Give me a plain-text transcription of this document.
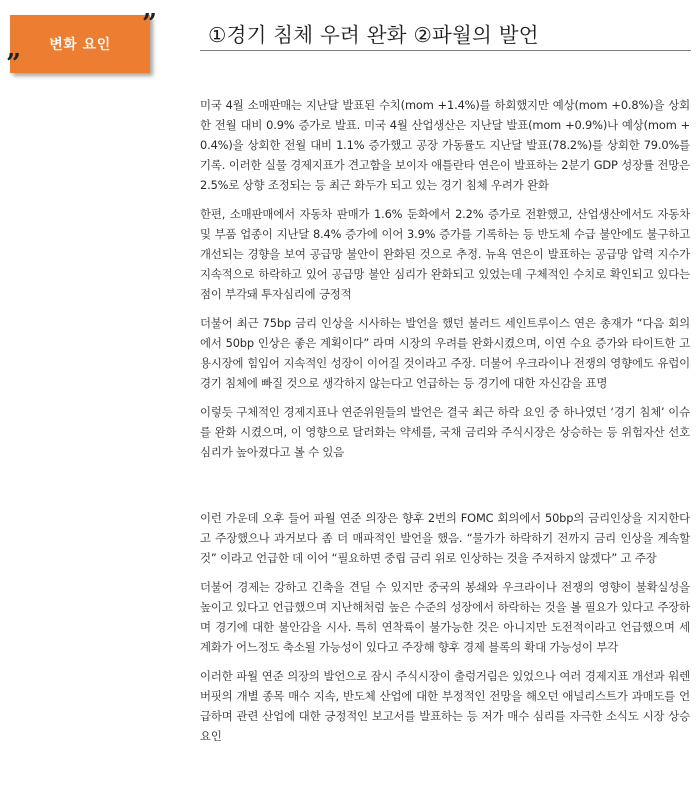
변화 요인
”
”
①경기 침체 우려 완화 ②파월의 발언

미국 4월 소매판매는 지난달 발표된 수치(mom +1.4%)를 하회했지만 예상(mom +0.8%)을 상회한 전월 대비 0.9% 증가로 발표. 미국 4월 산업생산은 지난달 발표(mom +0.9%)나 예상(mom +0.4%)을 상회한 전월 대비 1.1% 증가했고 공장 가동률도 지난달 발표(78.2%)를 상회한 79.0%를 기록. 이러한 실물 경제지표가 견고함을 보이자 애틀란타 연은이 발표하는 2분기 GDP 성장률 전망은 2.5%로 상향 조정되는 등 최근 화두가 되고 있는 경기 침체 우려가 완화

한편, 소매판매에서 자동차 판매가 1.6% 둔화에서 2.2% 증가로 전환했고, 산업생산에서도 자동차 및 부품 업종이 지난달 8.4% 증가에 이어 3.9% 증가를 기록하는 등 반도체 수급 불안에도 불구하고 개선되는 경향을 보여 공급망 불안이 완화된 것으로 추정. 뉴욕 연은이 발표하는 공급망 압력 지수가 지속적으로 하락하고 있어 공급망 불안 심리가 완화되고 있었는데 구체적인 수치로 확인되고 있다는 점이 부각돼 투자심리에 긍정적

더불어 최근 75bp 금리 인상을 시사하는 발언을 했던 불러드 세인트루이스 연은 총재가 “다음 회의에서 50bp 인상은 좋은 계획이다” 라며 시장의 우려를 완화시켰으며, 이연 수요 증가와 타이트한 고용시장에 힘입어 지속적인 성장이 이어질 것이라고 주장. 더불어 우크라이나 전쟁의 영향에도 유럽이 경기 침체에 빠질 것으로 생각하지 않는다고 언급하는 등 경기에 대한 자신감을 표명

이렇듯 구체적인 경제지표나 연준위원들의 발언은 결국 최근 하락 요인 중 하나였던 ‘경기 침체’ 이슈를 완화 시켰으며, 이 영향으로 달러화는 약세를, 국채 금리와 주식시장은 상승하는 등 위험자산 선호심리가 높아졌다고 볼 수 있음

이런 가운데 오후 들어 파월 연준 의장은 향후 2번의 FOMC 회의에서 50bp의 금리인상을 지지한다고 주장했으나 과거보다 좀 더 매파적인 발언을 했음. “물가가 하락하기 전까지 금리 인상을 계속할 것” 이라고 언급한 데 이어 “필요하면 중립 금리 위로 인상하는 것을 주저하지 않겠다” 고 주장

더불어 경제는 강하고 긴축을 견딜 수 있지만 중국의 봉쇄와 우크라이나 전쟁의 영향이 불확실성을 높이고 있다고 언급했으며 지난해처럼 높은 수준의 성장에서 하락하는 것을 볼 필요가 있다고 주장하며 경기에 대한 불안감을 시사. 특히 연착륙이 불가능한 것은 아니지만 도전적이라고 언급했으며 세계화가 어느정도 축소될 가능성이 있다고 주장해 향후 경제 블록의 확대 가능성이 부각

이러한 파월 연준 의장의 발언으로 잠시 주식시장이 출렁거림은 있었으나 여러 경제지표 개선과 워렌버핏의 개별 종목 매수 지속, 반도체 산업에 대한 부정적인 전망을 해오던 애널리스트가 과매도를 언급하며 관련 산업에 대한 긍정적인 보고서를 발표하는 등 저가 매수 심리를 자극한 소식도 시장 상승 요인
